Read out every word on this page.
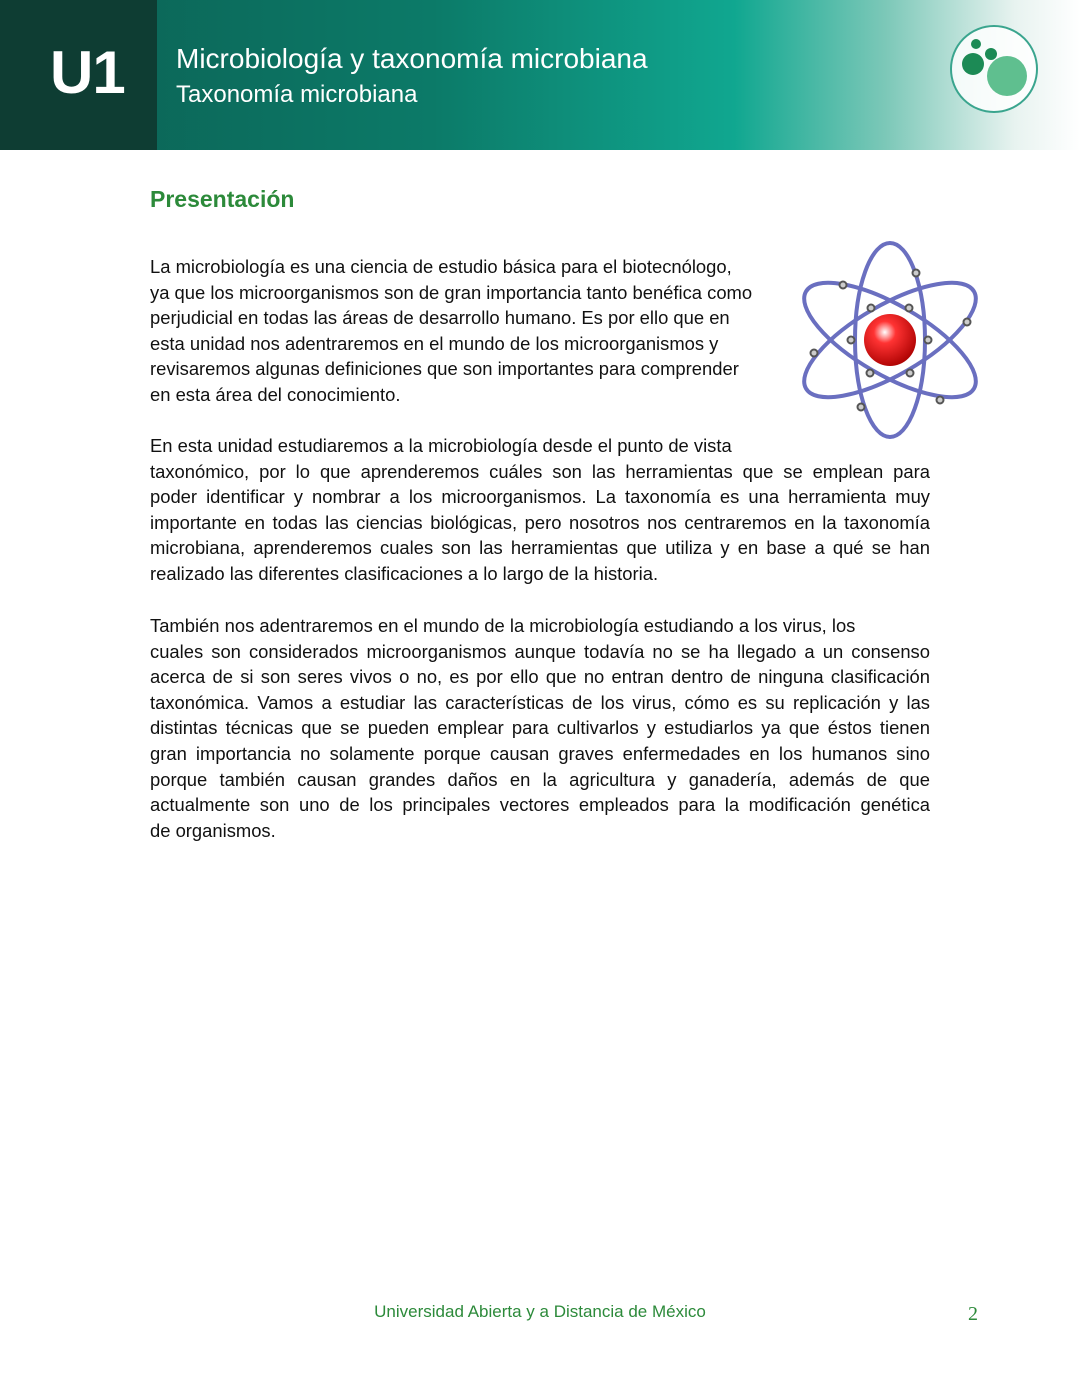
U1 Microbiología y taxonomía microbiana
Taxonomía microbiana
Presentación
La microbiología es una ciencia de estudio básica para el biotecnólogo,
ya que los microorganismos son de gran importancia tanto benéfica como
perjudicial en todas las áreas de desarrollo humano. Es por ello que en
esta unidad nos adentraremos en el mundo de los microorganismos y
revisaremos algunas definiciones que son importantes para comprender
en esta área del conocimiento.
En esta unidad estudiaremos a la microbiología desde el punto de vista
taxonómico, por lo que aprenderemos cuáles son las herramientas que se emplean para
poder identificar y nombrar a los microorganismos. La taxonomía es una herramienta muy
importante en todas las ciencias biológicas, pero nosotros nos centraremos en la taxonomía
microbiana, aprenderemos cuales son las herramientas que utiliza y en base a qué se han
realizado las diferentes clasificaciones a lo largo de la historia.
También nos adentraremos en el mundo de la microbiología estudiando a los virus, los
cuales son considerados microorganismos aunque todavía no se ha llegado a un consenso
acerca de si son seres vivos o no, es por ello que no entran dentro de ninguna clasificación
taxonómica. Vamos a estudiar las características de los virus, cómo es su replicación y las
distintas técnicas que se pueden emplear para cultivarlos y estudiarlos ya que éstos tienen
gran importancia no solamente porque causan graves enfermedades en los humanos sino
porque también causan grandes daños en la agricultura y ganadería, además de que
actualmente son uno de los principales vectores empleados para la modificación genética
de organismos.
Universidad Abierta y a Distancia de México	2
